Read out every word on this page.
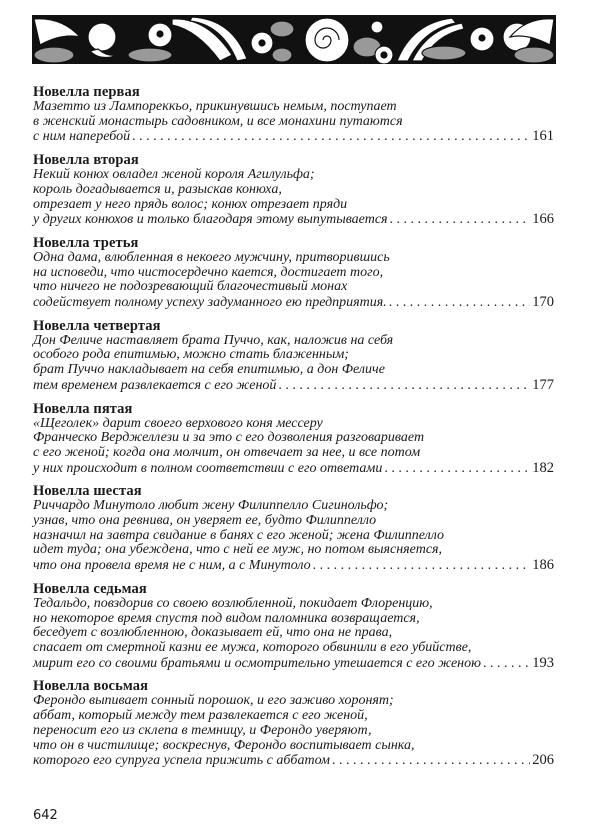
Новелла первая
Мазетто из Лампореккьо, прикинувшись немым, поступает
в женский монастырь садовником, и все монахини путаются
с ним наперебой . . .	161
Новелла вторая
Некий конюх овладел женой короля Агилульфа;
король догадывается и, разыскав конюха,
отрезает у него прядь волос; конюх отрезает пряди
у других конюхов и только благодаря этому выпутывается . . .	166
Новелла третья
Одна дама, влюбленная в некоего мужчину, притворившись
на исповеди, что чистосердечно кается, достигает того,
что ничего не подозревающий благочестивый монах
содействует полному успеху задуманного ею предприятия. . . .	170
Новелла четвертая
Дон Феличе наставляет брата Пуччо, как, наложив на себя
особого рода епитимью, можно стать блаженным;
брат Пуччо накладывает на себя епитимью, а дон Феличе
тем временем развлекается с его женой . . .	177
Новелла пятая
«Щеголек» дарит своего верхового коня мессеру
Франческо Верджеллези и за это с его дозволения разговаривает
с его женой; когда она молчит, он отвечает за нее, и все потом
у них происходит в полном соответствии с его ответами . . .	182
Новелла шестая
Риччардо Минутоло любит жену Филиппелло Сигинольфо;
узнав, что она ревнива, он уверяет ее, будто Филиппелло
назначил на завтра свидание в банях с его женой; жена Филиппелло
идет туда; она убеждена, что с ней ее муж, но потом выясняется,
что она провела время не с ним, а с Минутоло . . .	186
Новелла седьмая
Тедальдо, повздорив со своею возлюбленной, покидает Флоренцию,
но некоторое время спустя под видом паломника возвращается,
беседует с возлюбленною, доказывает ей, что она не права,
спасает от смертной казни ее мужа, которого обвинили в его убийстве,
мирит его со своими братьями и осмотрительно утешается с его женою . . .	193
Новелла восьмая
Ферондо выпивает сонный порошок, и его заживо хоронят;
аббат, который между тем развлекается с его женой,
переносит его из склепа в темницу, и Ферондо уверяют,
что он в чистилище; воскреснув, Ферондо воспитывает сынка,
которого его супруга успела прижить с аббатом . . .	206
642
